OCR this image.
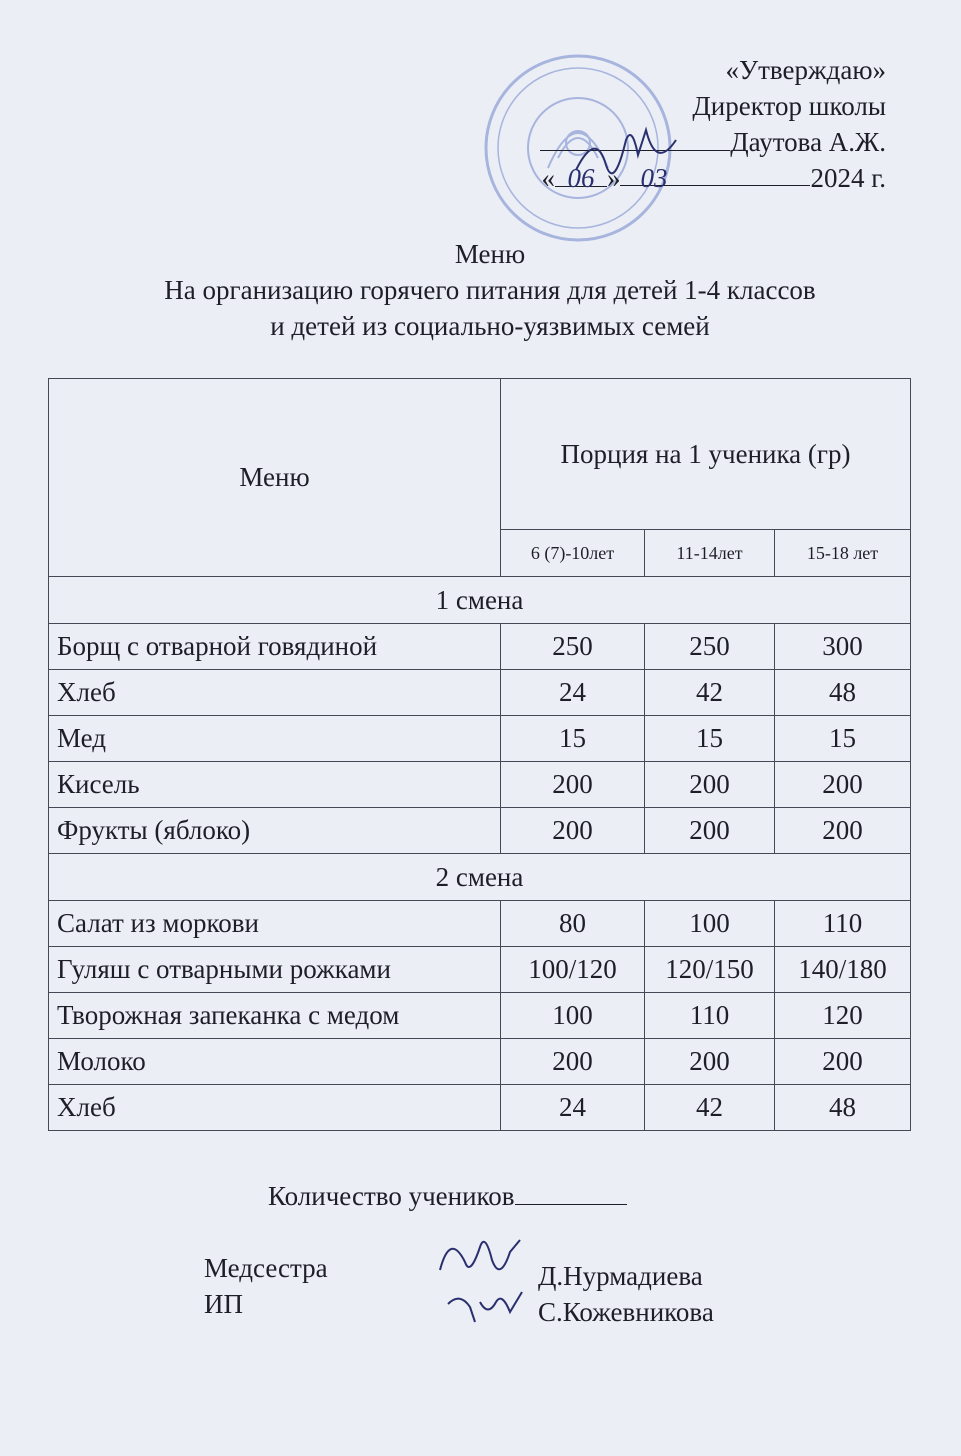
«Утверждаю»
Директор школы
Даутова А.Ж.
« 06 » 03	2024 г.
Меню
На организацию горячего питания для детей 1-4 классов
и детей из социально-уязвимых семей
Меню	Порция на 1 ученика (гр)		
	6 (7)-10лет	11-14лет	15-18 лет
1 смена			
Борщ с отварной говядиной	250	250	300
Хлеб	24	42	48
Мед	15	15	15
Кисель	200	200	200
Фрукты (яблоко)	200	200	200
2 смена			
Салат из моркови	80	100	110
Гуляш с отварными рожками	100/120	120/150	140/180
Творожная запеканка с медом	100	110	120
Молоко	200	200	200
Хлеб	24	42	48
Количество учеников
Медсестра
ИП
Д.Нурмадиева
С.Кожевникова
